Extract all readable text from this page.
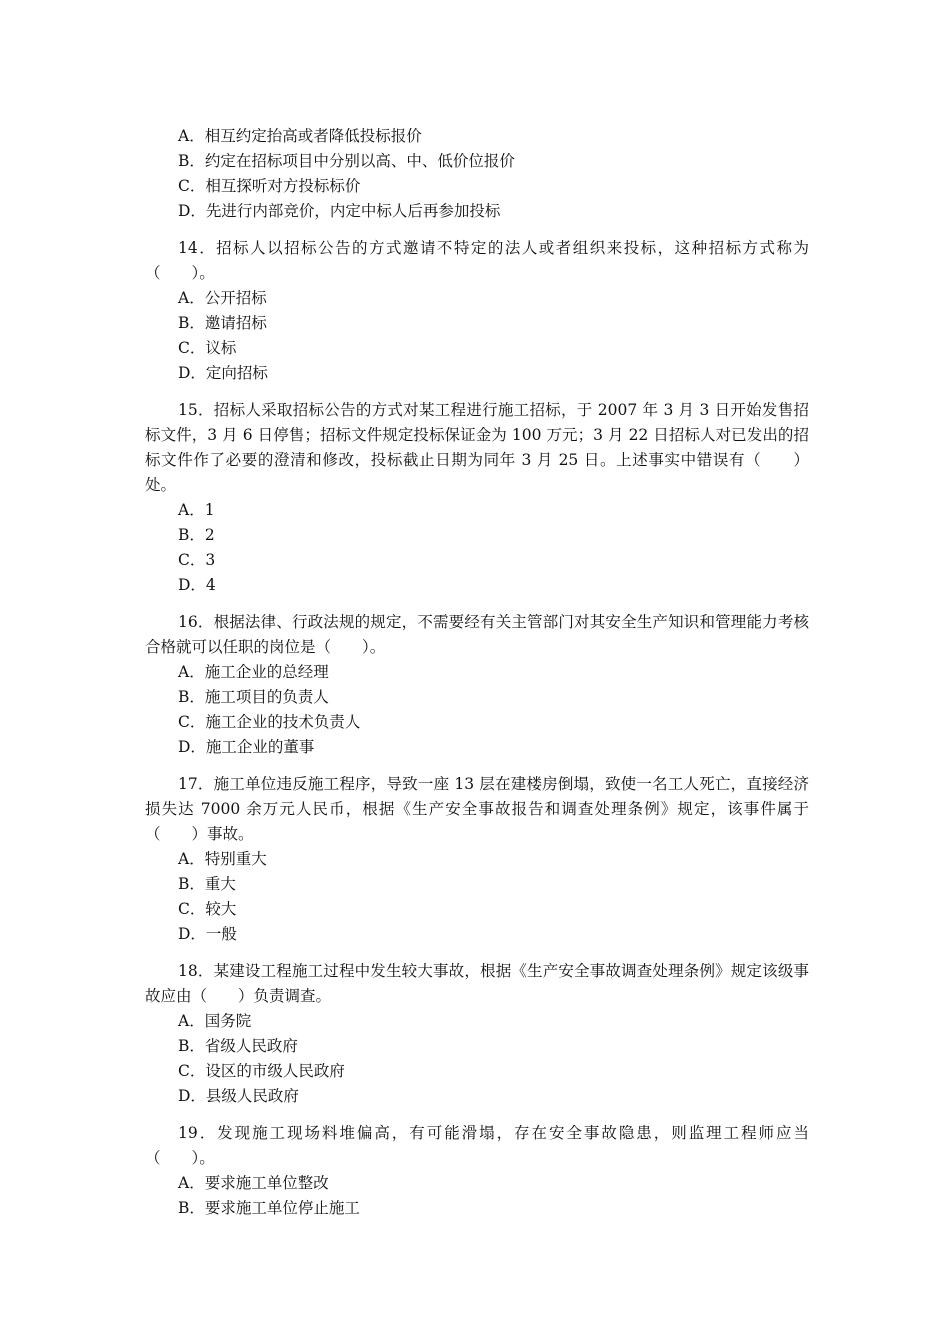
A．相互约定抬高或者降低投标报价
B．约定在招标项目中分别以高、中、低价位报价
C．相互探听对方投标标价
D．先进行内部竞价，内定中标人后再参加投标
14．招标人以招标公告的方式邀请不特定的法人或者组织来投标，这种招标方式称为（　　）。
A．公开招标
B．邀请招标
C．议标
D．定向招标
15．招标人采取招标公告的方式对某工程进行施工招标，于 2007 年 3 月 3 日开始发售招标文件，3 月 6 日停售；招标文件规定投标保证金为 100 万元；3 月 22 日招标人对已发出的招标文件作了必要的澄清和修改，投标截止日期为同年 3 月 25 日。上述事实中错误有（　　）处。
A．1
B．2
C．3
D．4
16．根据法律、行政法规的规定，不需要经有关主管部门对其安全生产知识和管理能力考核合格就可以任职的岗位是（　　）。
A．施工企业的总经理
B．施工项目的负责人
C．施工企业的技术负责人
D．施工企业的董事
17．施工单位违反施工程序，导致一座 13 层在建楼房倒塌，致使一名工人死亡，直接经济损失达 7000 余万元人民币，根据《生产安全事故报告和调查处理条例》规定，该事件属于（　　）事故。
A．特别重大
B．重大
C．较大
D．一般
18．某建设工程施工过程中发生较大事故，根据《生产安全事故调查处理条例》规定该级事故应由（　　）负责调查。
A．国务院
B．省级人民政府
C．设区的市级人民政府
D．县级人民政府
19．发现施工现场料堆偏高，有可能滑塌，存在安全事故隐患，则监理工程师应当（　　）。
A．要求施工单位整改
B．要求施工单位停止施工
